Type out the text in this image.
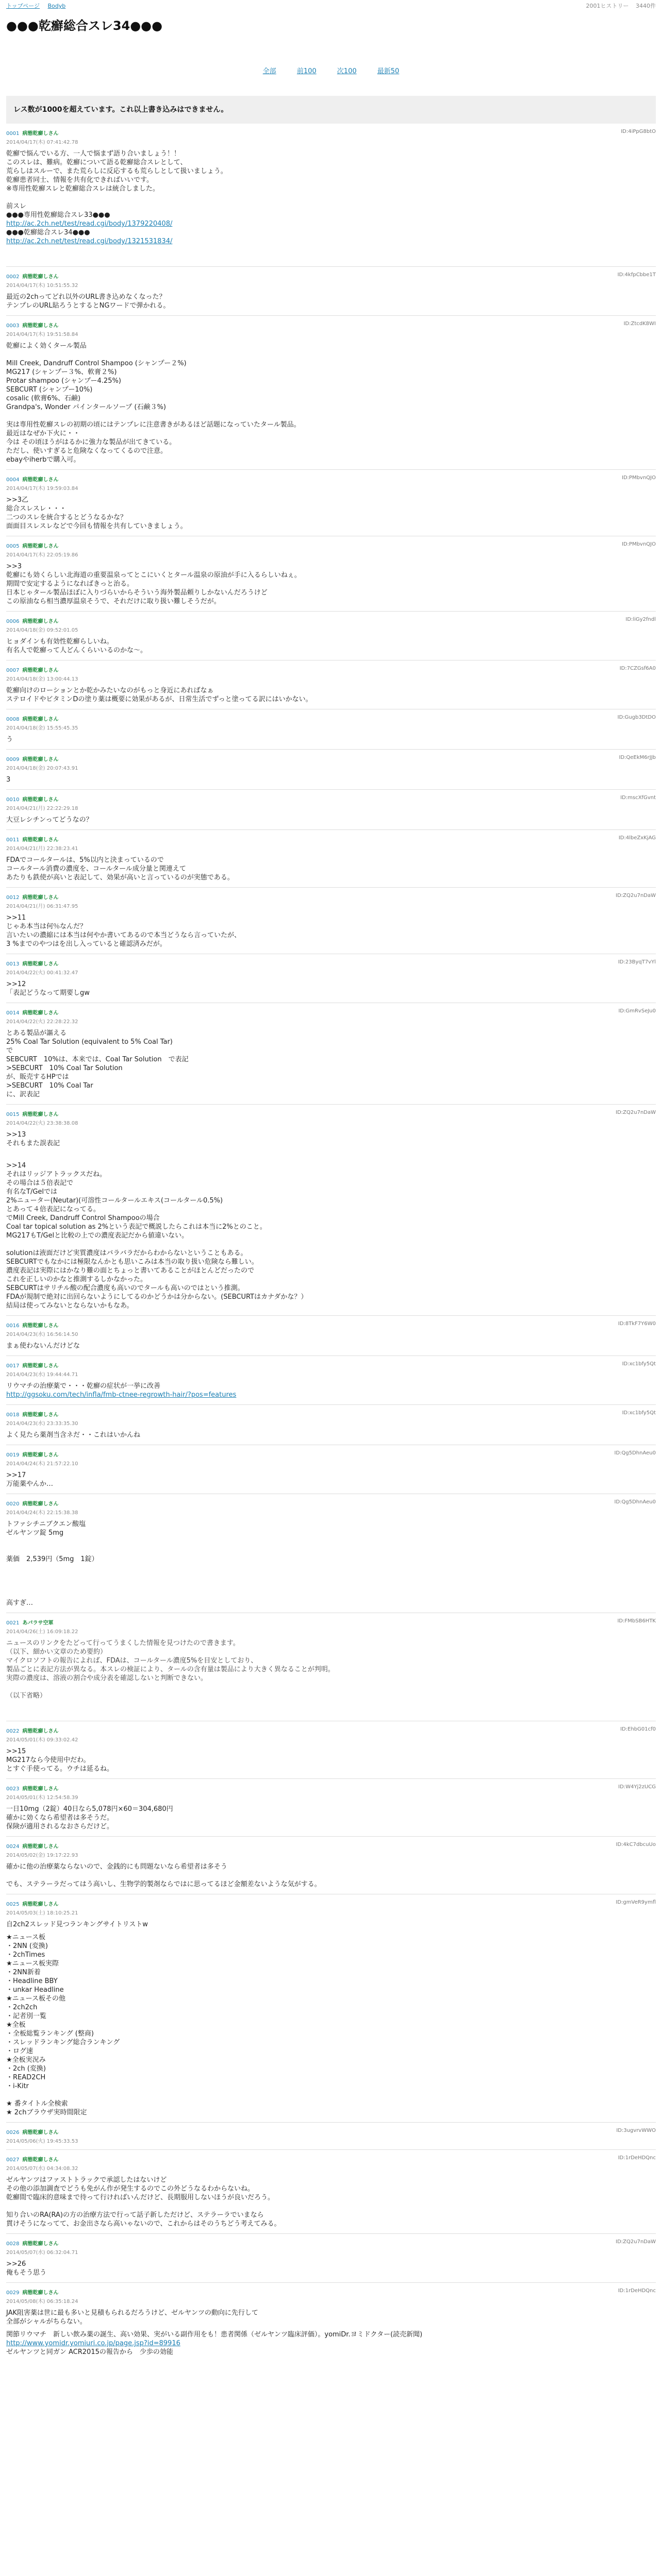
トップページ Bodyb	2001ヒストリー 3440件
●●●乾癬総合スレ34●●●
全部	前100	次100	最新50
レス数が1000を超えています。これ以上書き込みはできません。
0001 病態乾癬しさん	ID:4iPpG8btO
2014/04/17(木) 07:41:42.78
乾癬で悩んでいる方、一人で悩まず語り合いましょう！！
このスレは、難病。乾癬について語る乾癬総合スレとして、
荒らしはスルーで、また荒らしに反応するも荒らしとして扱いましょう。
乾癬患者同士、情報を共有化できればいいです。
※専用性乾癬スレと乾癬総合スレは統合しました。

前スレ
●●●専用性乾癬総合スレ33●●●
http://ac.2ch.net/test/read.cgi/body/1379220408/
●●●乾癬総合スレ34●●●
http://ac.2ch.net/test/read.cgi/body/1321531834/
0002 病態乾癬しさん	ID:4kfpCbbe1T
2014/04/17(木) 10:51:55.32
最近の2chってどれ以外のURL書き込めなくなった？
テンプレのURL貼ろうとするとNGワードで弾かれる。
0003 病態乾癬しさん	ID:ZtcdK8WI
2014/04/17(木) 19:51:58.84
乾癬によく効くタール製品

Mill Creek, Dandruff Control Shampoo (シャンプー２%)
MG217 (シャンプー３%、軟膏２%)
Protar shampoo (シャンプー4.25%)
SEBCURT (シャンプー10%)
cosalic (軟膏6%、石鹸)
Grandpa's, Wonder パインタールソープ (石鹸３%)

実は専用性乾癬スレの初期の頃にはテンプレに注意書きがあるほど話題になっていたタール製品。
最近はなぜか下火に・・
今は その頃ほうがはるかに強力な製品が出てきている。
ただし、使いすぎると危険なくなってくるので注意。
ebayやiherbで購入可。
0004 病態乾癬しさん	ID:PMbvnQJO
2014/04/17(木) 19:59:03.84
>>3乙
総合スレスレ・・・
二つのスレを統合するとどうなるかな？
面面目スレスレなどで今回も情報を共有していきましょう。
0005 病態乾癬しさん	ID:PMbvnQJO
2014/04/17(木) 22:05:19.86
>>3
乾癬にも効くらしい北海道の重要温泉ってとこにいくとタール温泉の原油が手に入るらしいねぇ。
期間で安定するようになればきっと治る。
日本じゃタール製品ほぼに入りづらいからそういう海外製品頼りしかないんだろうけど
この原油なら相当濃厚温泉そうで、それだけに取り扱い難しそうだが。
0006 病態乾癬しさん	ID:liGy2fndl
2014/04/18(金) 09:52:01.05
ヒョダインも有効性乾癬らしいね。
有名人で乾癬って人どんくらいいるのかな～。
0007 病態乾癬しさん	ID:7CZGsf6A0
2014/04/18(金) 13:00:44.13
乾癬向けのローションとか乾かみたいなのがもっと身近にあればなぁ
ステロイドやビタミンDの塗り薬は概要に効果があるが、日常生活でずっと塗ってる訳にはいかない。
0008 病態乾癬しさん	ID:Gugb3DtDO
2014/04/18(金) 15:55:45.35
う
0009 病態乾癬しさん	ID:QeEkM6rJJb
2014/04/18(金) 20:07:43.91
3
0010 病態乾癬しさん	ID:mscXfGvnt
2014/04/21(月) 22:22:29.18
大豆レシチンってどうなの？
0011 病態乾癬しさん	ID:4lbeZxKjAG
2014/04/21(月) 22:38:23.41
FDAでコールタールは、5%以内と決まっているので
コールタール消費の濃度を、コールタール成分量と関連えて
あたりも鉄使が高いと表記して、効果が高いと言っているのが実態である。
0012 病態乾癬しさん	ID:ZQ2u7nDaW
2014/04/21(月) 06:31:47.95
>>11
じゃあ本当は何％なんだ？
言いたいの濃縮には本当は何やか書いてあるので本当どうなら言っていたが、
3 %までのやつはを出し入っていると確認済みだが。
0013 病態乾癬しさん	ID:23ByqT7vYl
2014/04/22(火) 00:41:32.47
>>12
「表記どうなって期要しgw
0014 病態乾癬しさん	ID:GmRvSeJu0
2014/04/22(火) 22:28:22.32
とある製品が謳える
25% Coal Tar Solution (equivalent to 5% Coal Tar)
で
SEBCURT　10%は、本来では、Coal Tar Solution　で表記
>SEBCURT　10% Coal Tar Solution
が、販売するHPでは
>SEBCURT　10% Coal Tar
に、訳表記
0015 病態乾癬しさん	ID:ZQ2u7nDaW
2014/04/22(火) 23:38:38.08
>>13
それもまた誤表記
>>14
それはリッジアトラックスだね。
その場合は５倍表記で
有名なT/Gelでは
2%ニューター(Neutar)(可溶性コールタールエキス(コールタール0.5%)
とあって４倍表記になってる。
でMill Creek, Dandruff Control Shampooの場合
Coal tar topical solution as 2%という表記で概説したらこれは本当に2%とのこと。
MG217もT/Gelと比較の上での濃度表記だから値違いない。

solutionは液面だけど実質濃度はバラバラだからわからないということもある。
SEBCURTでもなかには極限なんかとも思いこみは本当の取り扱い危険なら難しい。
濃度表記は実際にはかなり難の面とちょっと書いてあることがほとんどだったので
これを正しいのかなと推測するしかなかった。
SEBCURTはサリチル酸の配合濃度も高いのでタールも高いのではという推測。
FDAが規制で絶対に出回らないようにしてるのかどうかは分からない。(SEBCURTはカナダかな？）
結局は使ってみないとならないかもなあ。
0016 病態乾癬しさん	ID:8TkF7Y6W0
2014/04/23(水) 16:56:14.50
まぁ使わないんだけどな
0017 病態乾癬しさん	ID:xc1bfy5Qt
2014/04/23(水) 19:44:44.71
リウマチの治療薬で・・・乾癬の症状が一挙に改善
http://ggsoku.com/tech/infla/fmb-ctnee-regrowth-hair/?pos=features
0018 病態乾癬しさん	ID:xc1bfy5Qt
2014/04/23(水) 23:33:35.30
よく見たら薬剤当含ネだ・・これはいかんね
0019 病態乾癬しさん	ID:Qg5DhnAeu0
2014/04/24(木) 21:57:22.10
>>17
万能薬やんか…
0020 病態乾癬しさん	ID:Qg5DhnAeu0
2014/04/24(木) 22:15:38.38
トファシチニブクエン酸塩
ゼルヤンツ錠 5mg

薬価　2,539円（5mg　1錠）

高すぎ…
0021 あパラサ空軍	ID:FMbSB6HTK
2014/04/26(土) 16:09:18.22
ニュースのリンクをたどって行ってうまくした情報を見つけたので書きます。
（以下、細かい文章のため要約）
マイクロソフトの報告によれば、FDAは、コールタール濃度5%を目安としており、
製品ごとに表記方法が異なる。本スレの検証により、タールの含有量は製品により大きく異なることが判明。
実際の濃度は、溶液の割合や成分表を確認しないと判断できない。

（以下省略）
0022 病態乾癬しさん	ID:EhbG01cf0
2014/05/01(木) 09:33:02.42
>>15
MG217なら今使用中だわ。
とすぐ手使ってる。ウチは延るね。
0023 病態乾癬しさん	ID:W4Yj2zUCG
2014/05/01(木) 12:54:58.39
一日10mg（2錠）40日なら5,078円×60＝304,680円
確かに効くなら希望者は多そうだ。
保険が適用されるなおさらだけど。
0024 病態乾癬しさん	ID:4kC7dbcuUo
2014/05/02(金) 19:17:22.93
確かに他の治療薬ならないので、金銭的にも問題ないなら希望者は多そう

でも、ステラーラだってはう高いし、生物学的製剤ならではに思ってるほど金額差ないような気がする。
0025 病態乾癬しさん	ID:gmVeR9ymfl
2014/05/03(土) 18:10:25.21
自2ch2スレッド見つランキングサイトリストw
★ニュース板
・2NN (変換)
・2chTimes
★ニュース板実際
・2NN新着
・Headline BBY
・unkar Headline
★ニュース板その他
・2ch2ch
・記者別一覧
★全板
・全板総覧ランキング (整商)
・スレッドランキング総合ランキング
・ログ速
★全板実況み
・2ch (変換)
・READ2CH
・i-Kitr

★ 番タイトル全検索
★ 2chブラウザ実時間限定
0026 病態乾癬しさん	ID:3ugvrvWWO
2014/05/06(火) 19:45:33.53
0027 病態乾癬しさん	ID:1rDeHDQnc
2014/05/07(水) 04:34:08.32
ゼルヤンツはファストトラックで承認したはないけど
その他の添加調査でどうも免がん作が発生するのでこの外どうなるわからないね。
乾癬間で臨床的意味まで待って行ければいんだけど、長期服用しないほうが良いだろう。

知り合いのRA(RA)の方の治療方法で行って話子新しただけど、ステラーラでいまなら
貫けそうになってて、お金出さなら高いゃないので、これからはそのうちどう考えてみる。
0028 病態乾癬しさん	ID:ZQ2u7nDaW
2014/05/07(水) 06:32:04.71
>>26
俺もそう思う
0029 病態乾癬しさん	ID:1rDeHDQnc
2014/05/08(木) 06:35:18.24
JAK阻害薬は世に最も多いと見積もられるだろうけど、ゼルヤンツの動向に先行して
全部がシャルがちらない。
関節リウマチ　新しい飲み薬の誕生、高い効果、実がいる副作用をも！患者関係（ゼルヤンツ臨床評価）。yomiDr.ヨミドクター(読売新聞)
http://www.yomidr.yomiuri.co.jp/page.jsp?id=89916
ゼルヤンツと同ガン ACR2015の報告から　少歩の効能
